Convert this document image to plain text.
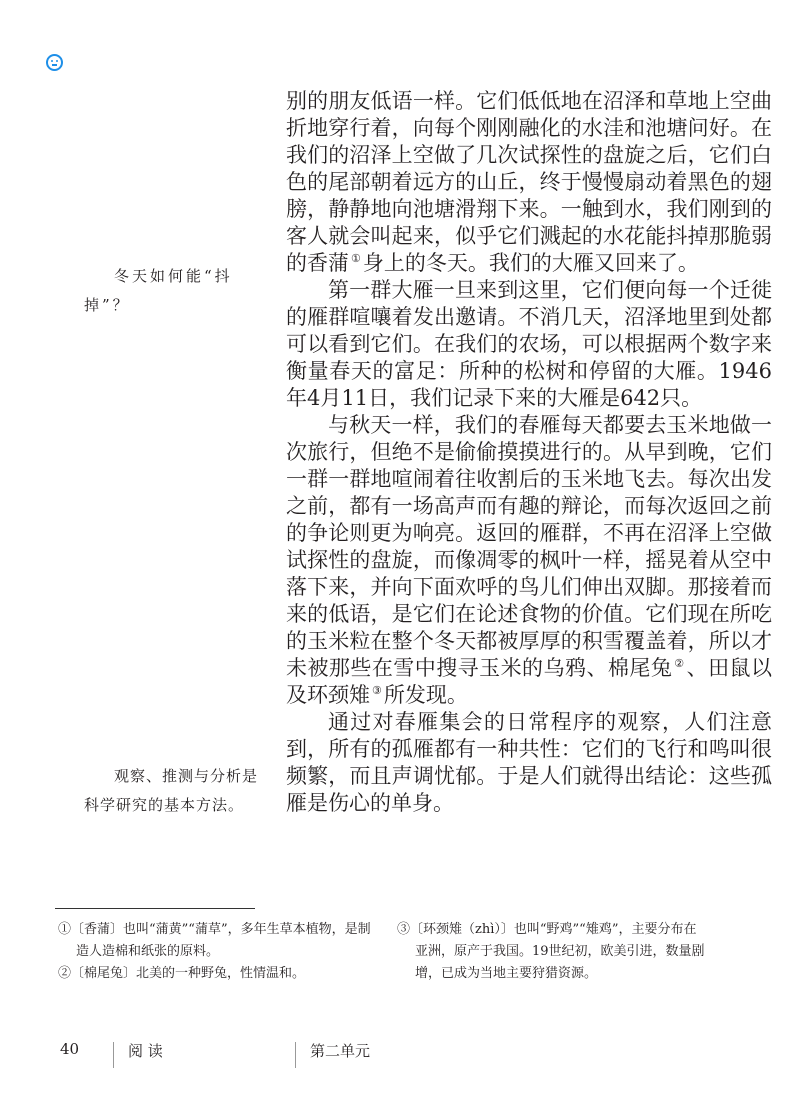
别的朋友低语一样。它们低低地在沼泽和草地上空曲折地穿行着，向每个刚刚融化的水洼和池塘问好。在我们的沼泽上空做了几次试探性的盘旋之后，它们白色的尾部朝着远方的山丘，终于慢慢扇动着黑色的翅膀，静静地向池塘滑翔下来。一触到水，我们刚到的客人就会叫起来，似乎它们溅起的水花能抖掉那脆弱的香蒲 ①身上的冬天。我们的大雁又回来了。

第一群大雁一旦来到这里，它们便向每一个迁徙的雁群喧嚷着发出邀请。不消几天，沼泽地里到处都可以看到它们。在我们的农场，可以根据两个数字来衡量春天的富足：所种的松树和停留的大雁。1946年4月11日，我们记录下来的大雁是642只。

与秋天一样，我们的春雁每天都要去玉米地做一次旅行，但绝不是偷偷摸摸进行的。从早到晚，它们一群一群地喧闹着往收割后的玉米地飞去。每次出发之前，都有一场高声而有趣的辩论，而每次返回之前的争论则更为响亮。返回的雁群，不再在沼泽上空做试探性的盘旋，而像凋零的枫叶一样，摇晃着从空中落下来，并向下面欢呼的鸟儿们伸出双脚。那接着而来的低语，是它们在论述食物的价值。它们现在所吃的玉米粒在整个冬天都被厚厚的积雪覆盖着，所以才未被那些在雪中搜寻玉米的乌鸦、棉尾兔 ②、田鼠以及环颈雉 ③所发现。

通过对春雁集会的日常程序的观察，人们注意到，所有的孤雁都有一种共性：它们的飞行和鸣叫很频繁，而且声调忧郁。于是人们就得出结论：这些孤雁是伤心的单身。

冬天如何能“抖掉”？

观察、推测与分析是科学研究的基本方法。

①〔香蒲〕也叫“蒲黄”“蒲草”，多年生草本植物，是制造人造棉和纸张的原料。

②〔棉尾兔〕北美的一种野兔，性情温和。

③〔环颈雉（zhì）〕也叫“野鸡”“雉鸡”，主要分布在亚洲，原产于我国。19世纪初，欧美引进，数量剧增，已成为当地主要狩猎资源。

40	阅 读	第二单元
